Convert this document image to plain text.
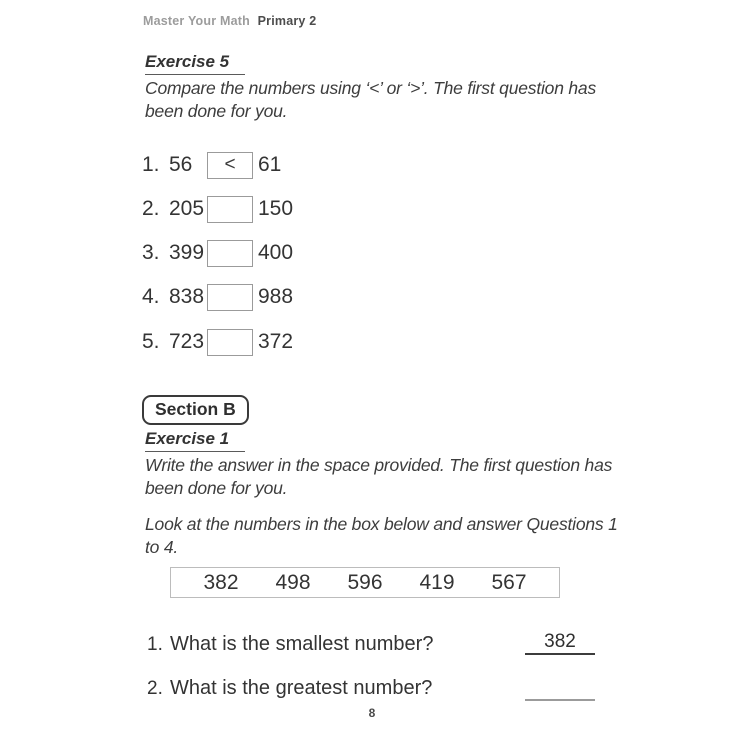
Master Your Math Primary 2
Exercise 5
Compare the numbers using ‘<’ or ‘>’. The first question has
been done for you.
1. 56	< 61
2. 205	150
3. 399	400
4. 838	988
5. 723	372
Section B
Exercise 1
Write the answer in the space provided. The first question has
been done for you.
Look at the numbers in the box below and answer Questions 1
to 4.
382 498 596 419 567
1. What is the smallest number?	382
2. What is the greatest number?
8
